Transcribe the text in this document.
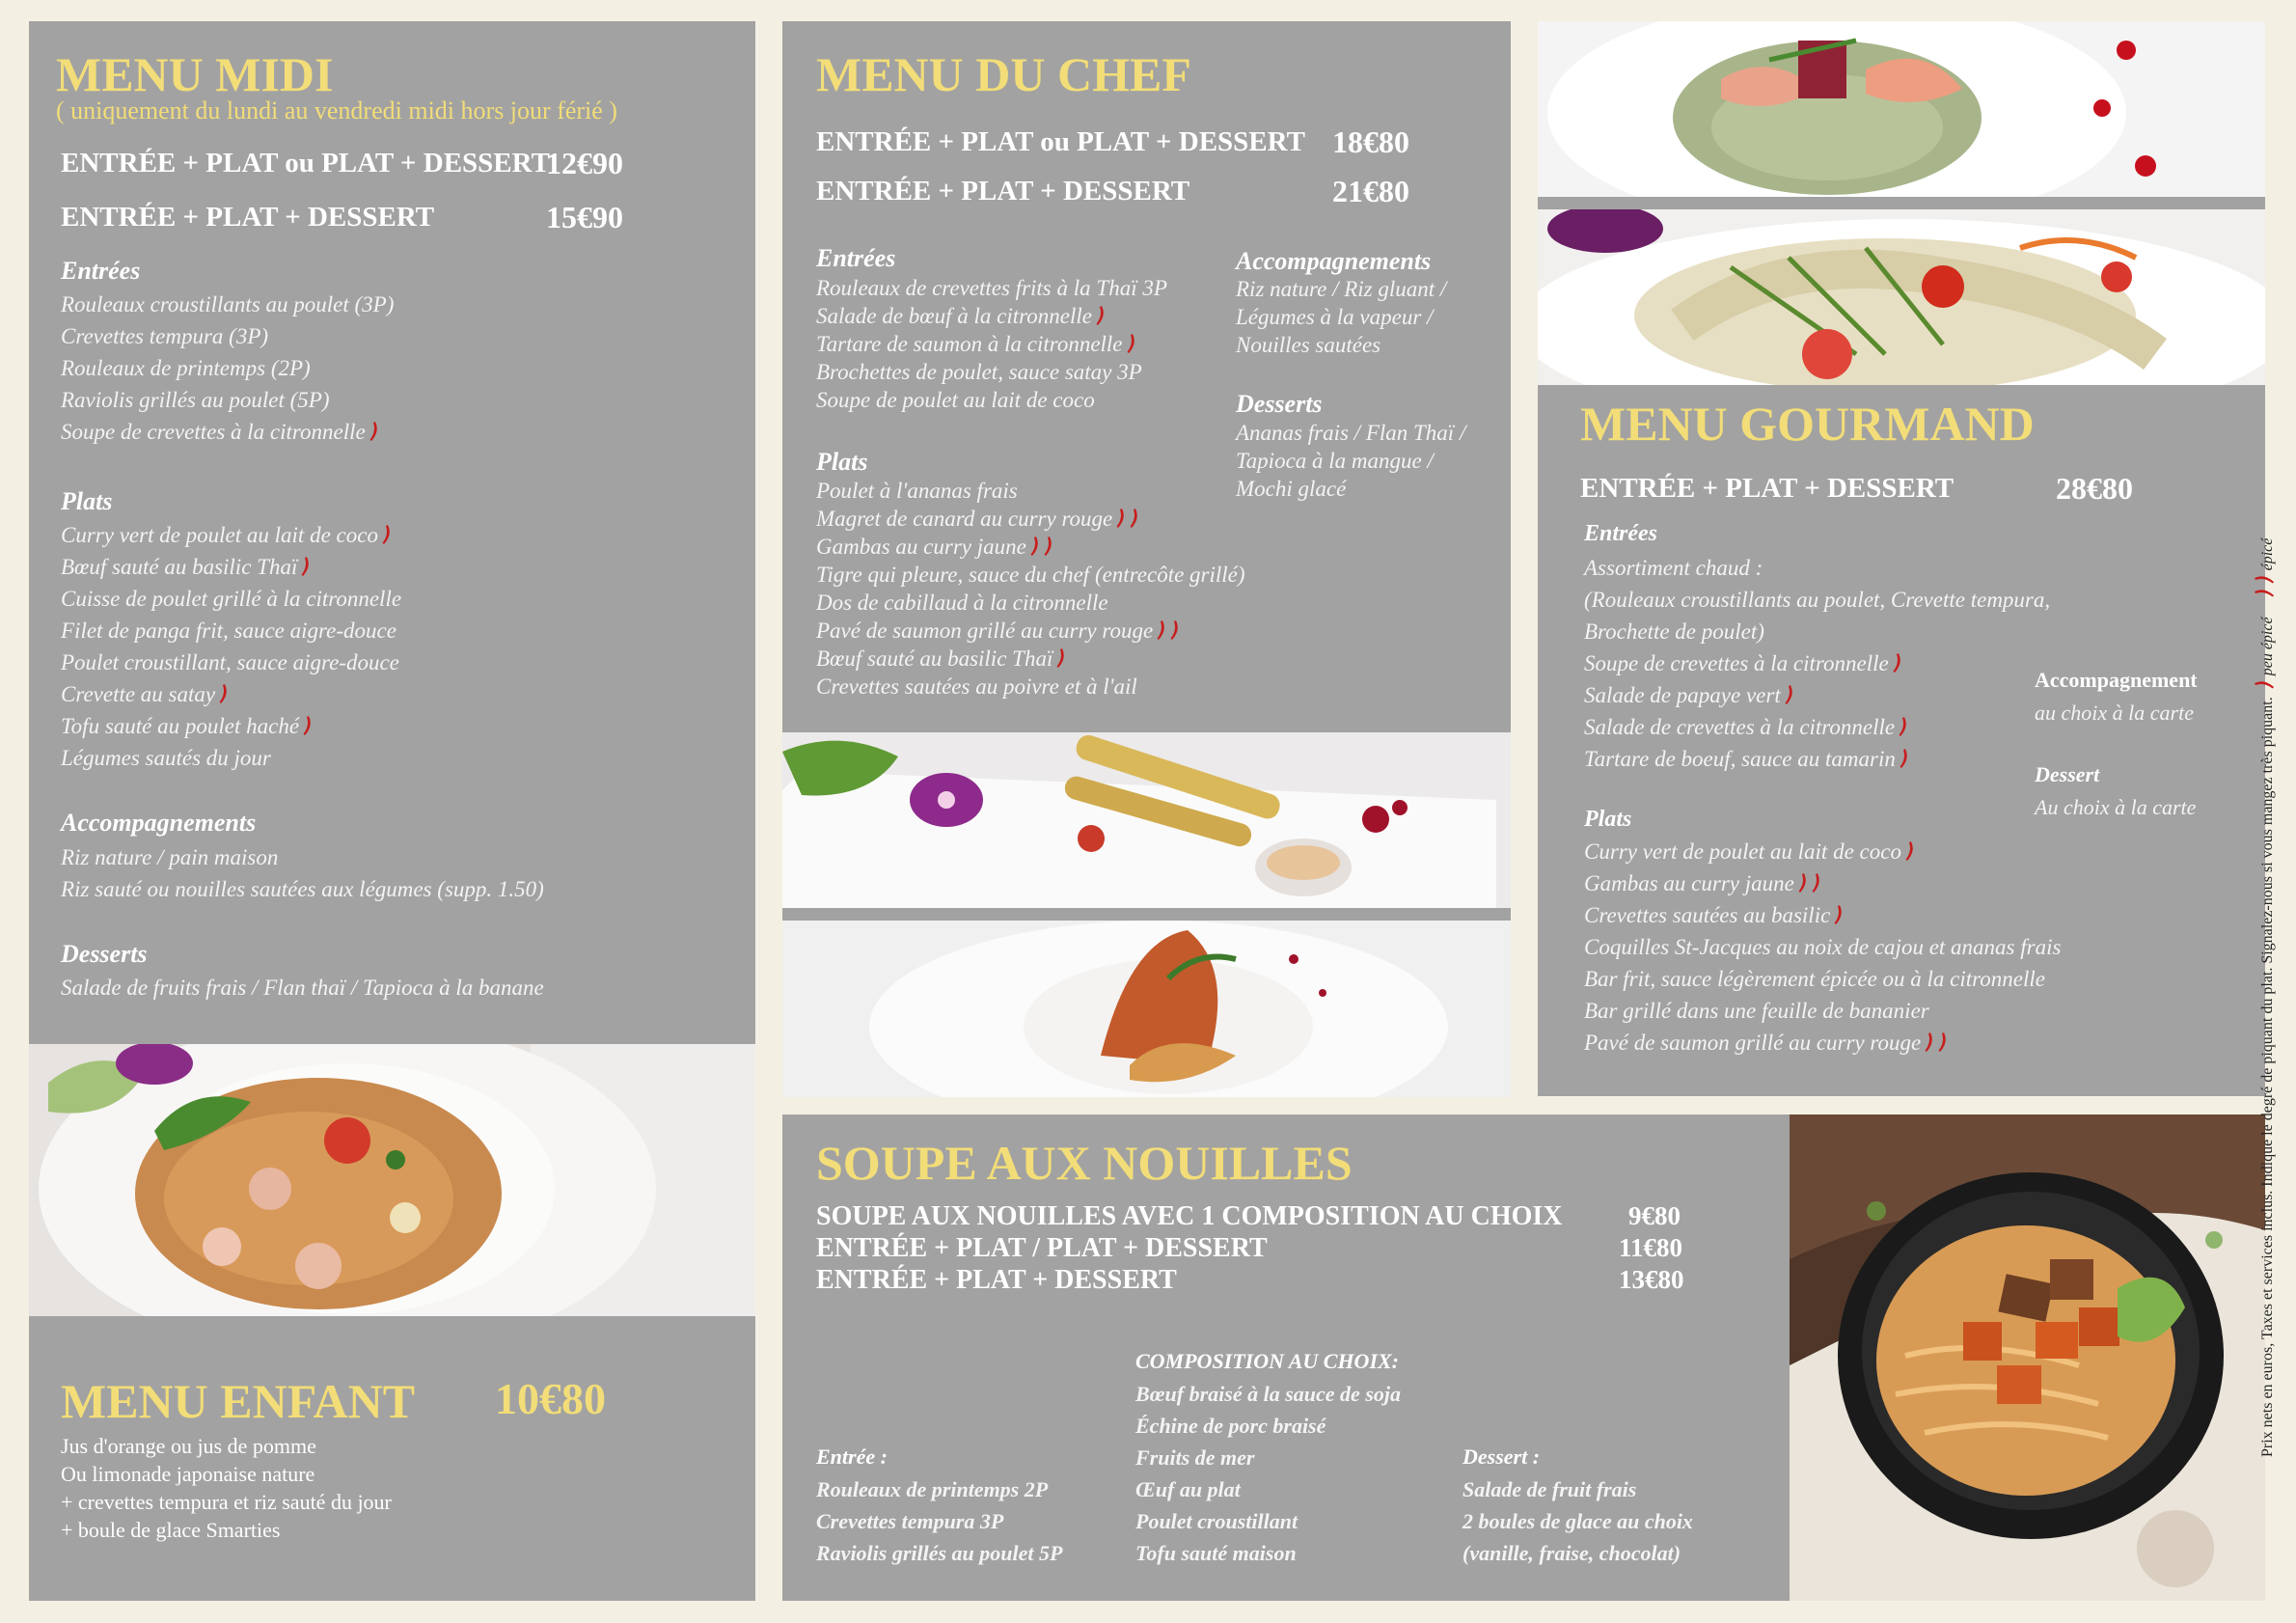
MENU MIDI
( uniquement du lundi au vendredi midi hors jour férié )
ENTRÉE + PLAT ou PLAT + DESSERT
12€90
ENTRÉE + PLAT + DESSERT	15€90
Entrées
Rouleaux croustillants au poulet (3P)
Crevettes tempura (3P)
Rouleaux de printemps (2P)
Raviolis grillés au poulet (5P)
Soupe de crevettes à la citronnelle
Plats
Curry vert de poulet au lait de coco
Bœuf sauté au basilic Thaï
Cuisse de poulet grillé à la citronnelle
Filet de panga frit, sauce aigre-douce
Poulet croustillant, sauce aigre-douce
Crevette au satay
Tofu sauté au poulet haché
Légumes sautés du jour
Accompagnements
Riz nature / pain maison
Riz sauté ou nouilles sautées aux légumes (supp. 1.50)
Desserts
Salade de fruits frais / Flan thaï / Tapioca à la banane
MENU ENFANT 10€80
Jus d'orange ou jus de pomme
Ou limonade japonaise nature
+ crevettes tempura et riz sauté du jour
+ boule de glace Smarties
MENU DU CHEF
ENTRÉE + PLAT ou PLAT + DESSERT 18€80
ENTRÉE + PLAT + DESSERT	21€80
Entrées
Rouleaux de crevettes frits à la Thaï 3P
Salade de bœuf à la citronnelle
Tartare de saumon à la citronnelle
Brochettes de poulet, sauce satay 3P
Soupe de poulet au lait de coco
Plats
Poulet à l'ananas frais
Magret de canard au curry rouge
Gambas au curry jaune
Tigre qui pleure, sauce du chef (entrecôte grillé)
Dos de cabillaud à la citronnelle
Pavé de saumon grillé au curry rouge
Bœuf sauté au basilic Thaï
Crevettes sautées au poivre et à l'ail
Accompagnements
Riz nature / Riz gluant /
Légumes à la vapeur /
Nouilles sautées
Desserts
Ananas frais / Flan Thaï /
Tapioca à la mangue /
Mochi glacé
MENU GOURMAND
ENTRÉE + PLAT + DESSERT	28€80
Entrées
Assortiment chaud :
(Rouleaux croustillants au poulet, Crevette tempura,
Brochette de poulet)
Soupe de crevettes à la citronnelle
Salade de papaye vert
Salade de crevettes à la citronnelle
Tartare de boeuf, sauce au tamarin
Plats
Curry vert de poulet au lait de coco
Gambas au curry jaune
Crevettes sautées au basilic
Coquilles St-Jacques au noix de cajou et ananas frais
Bar frit, sauce légèrement épicée ou à la citronnelle
Bar grillé dans une feuille de bananier
Pavé de saumon grillé au curry rouge
Accompagnement
au choix à la carte
Dessert
Au choix à la carte
SOUPE AUX NOUILLES
SOUPE AUX NOUILLES AVEC 1 COMPOSITION AU CHOIX	9€80
ENTRÉE + PLAT / PLAT + DESSERT	11€80
ENTRÉE + PLAT + DESSERT	13€80
Entrée :
Rouleaux de printemps 2P
Crevettes tempura 3P
Raviolis grillés au poulet 5P
COMPOSITION AU CHOIX:
Bœuf braisé à la sauce de soja
Échine de porc braisé
Fruits de mer
Œuf au plat
Poulet croustillant
Tofu sauté maison
Dessert :
Salade de fruit frais
2 boules de glace au choix
(vanille, fraise, chocolat)
Prix nets en euros, Taxes et services inclus. Indique le degré de piquant du plat. Signalez-nous si vous mangez très piquant.
peu épicé
épicé
